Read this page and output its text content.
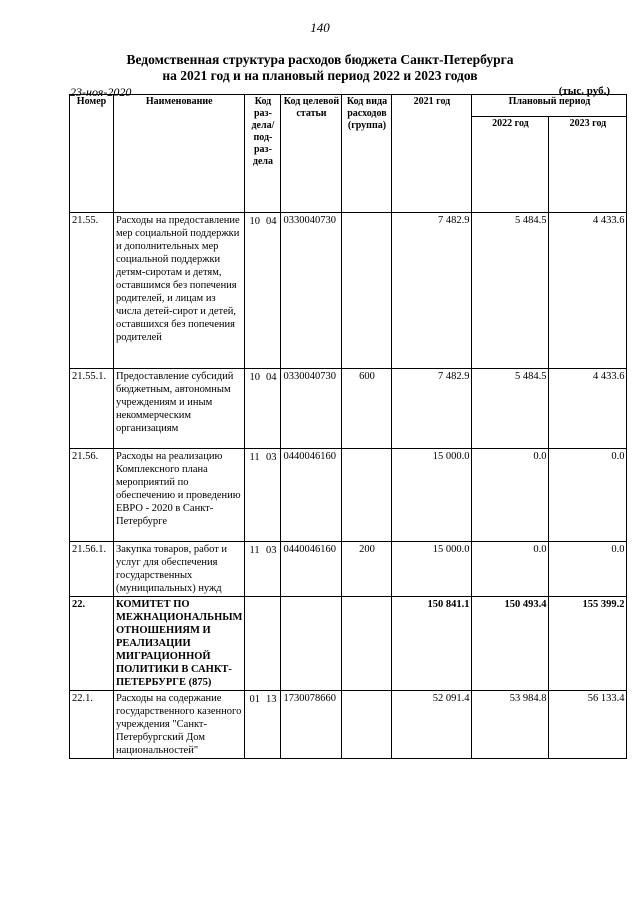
140
Ведомственная структура расходов бюджета Санкт-Петербурга
на 2021 год и на плановый период 2022 и 2023 годов
23-ноя-2020	(тыс. руб.)
Номер	Наименование	Код раз-дела/ под-раз-дела	Код целевой статьи	Код вида расходов (группа)	2021 год	Плановый период	
						2022 год	2023 год
21.55.	Расходы на предоставление мер социальной поддержки и дополнительных мер социальной поддержки детям-сиротам и детям, оставшимся без попечения родителей, и лицам из числа детей-сирот и детей, оставшихся без попечения родителей	10 04	0330040730		7 482.9	5 484.5	4 433.6
21.55.1.	Предоставление субсидий бюджетным, автономным учреждениям и иным некоммерческим организациям	10 04	0330040730	600	7 482.9	5 484.5	4 433.6
21.56.	Расходы на реализацию Комплексного плана мероприятий по обеспечению и проведению ЕВРО - 2020 в Санкт-Петербурге	11 03	0440046160		15 000.0	0.0	0.0
21.56.1.	Закупка товаров, работ и услуг для обеспечения государственных (муниципальных) нужд	11 03	0440046160	200	15 000.0	0.0	0.0
22.	КОМИТЕТ ПО МЕЖНАЦИОНАЛЬНЫМ ОТНОШЕНИЯМ И РЕАЛИЗАЦИИ МИГРАЦИОННОЙ ПОЛИТИКИ В САНКТ-ПЕТЕРБУРГЕ (875)				150 841.1	150 493.4	155 399.2
22.1.	Расходы на содержание государственного казенного учреждения "Санкт-Петербургский Дом национальностей"	01 13	1730078660		52 091.4	53 984.8	56 133.4
